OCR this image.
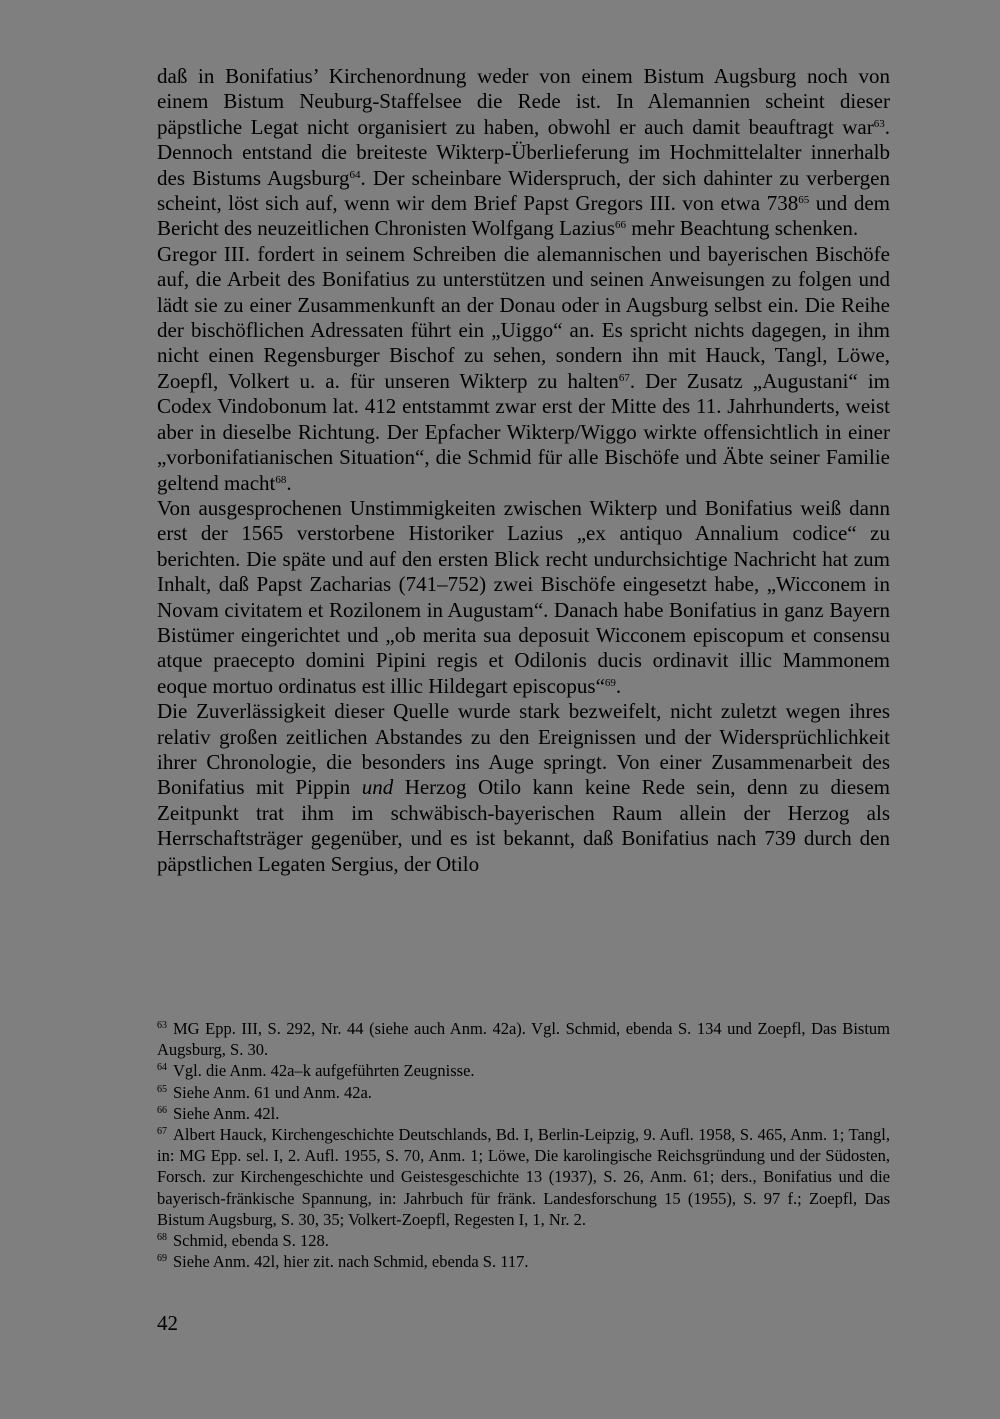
daß in Bonifatius’ Kirchenordnung weder von einem Bistum Augsburg noch von einem Bistum Neuburg-Staffelsee die Rede ist. In Alemannien scheint dieser päpstliche Legat nicht organisiert zu haben, obwohl er auch damit beauftragt war$^{63}$. Dennoch entstand die breiteste Wikterp-Überlieferung im Hochmittelalter innerhalb des Bistums Augsburg$^{64}$. Der scheinbare Widerspruch, der sich dahinter zu verbergen scheint, löst sich auf, wenn wir dem Brief Papst Gregors III. von etwa $738^{65}$ und dem Bericht des neuzeitlichen Chronisten Wolfgang Lazius$^{66}$ mehr Beachtung schenken.

Gregor III. fordert in seinem Schreiben die alemannischen und bayerischen Bischöfe auf, die Arbeit des Bonifatius zu unterstützen und seinen Anweisungen zu folgen und lädt sie zu einer Zusammenkunft an der Donau oder in Augsburg selbst ein. Die Reihe der bischöflichen Adressaten führt ein „Uiggo“ an. Es spricht nichts dagegen, in ihm nicht einen Regensburger Bischof zu sehen, sondern ihn mit Hauck, Tangl, Löwe, Zoepfl, Volkert u. a. für unseren Wikterp zu halten$^{67}$. Der Zusatz „Augustani“ im Codex Vindobonum lat. 412 entstammt zwar erst der Mitte des 11. Jahrhunderts, weist aber in dieselbe Richtung. Der Epfacher Wikterp/Wiggo wirkte offensichtlich in einer „vorbonifatianischen Situation“, die Schmid für alle Bischöfe und Äbte seiner Familie geltend macht$^{68}$.

Von ausgesprochenen Unstimmigkeiten zwischen Wikterp und Bonifatius weiß dann erst der 1565 verstorbene Historiker Lazius „ex antiquo Annalium codice“ zu berichten. Die späte und auf den ersten Blick recht undurchsichtige Nachricht hat zum Inhalt, daß Papst Zacharias (741–752) zwei Bischöfe eingesetzt habe, „Wicconem in Novam civitatem et Rozilonem in Augustam“. Danach habe Bonifatius in ganz Bayern Bistümer eingerichtet und „ob merita sua deposuit Wicconem episcopum et consensu atque praecepto domini Pipini regis et Odilonis ducis ordinavit illic Mammonem eoque mortuo ordinatus est illic Hildegart episcopus“$^{69}$.

Die Zuverlässigkeit dieser Quelle wurde stark bezweifelt, nicht zuletzt wegen ihres relativ großen zeitlichen Abstandes zu den Ereignissen und der Widersprüchlichkeit ihrer Chronologie, die besonders ins Auge springt. Von einer Zusammenarbeit des Bonifatius mit Pippin und Herzog Otilo kann keine Rede sein, denn zu diesem Zeitpunkt trat ihm im schwäbisch-bayerischen Raum allein der Herzog als Herrschaftsträger gegenüber, und es ist bekannt, daß Bonifatius nach 739 durch den päpstlichen Legaten Sergius, der Otilo

$^{63}$ MG Epp. III, S. 292, Nr. 44 (siehe auch Anm. 42a). Vgl. Schmid, ebenda S. 134 und Zoepfl, Das Bistum Augsburg, S. 30.

$^{64}$ Vgl. die Anm. 42a–k aufgeführten Zeugnisse.

$^{65}$ Siehe Anm. 61 und Anm. 42a.

$^{66}$ Siehe Anm. 42l.

$^{67}$ Albert Hauck, Kirchengeschichte Deutschlands, Bd. I, Berlin-Leipzig, 9. Aufl. 1958, S. 465, Anm. 1; Tangl, in: MG Epp. sel. I, 2. Aufl. 1955, S. 70, Anm. 1; Löwe, Die karolingische Reichsgründung und der Südosten, Forsch. zur Kirchengeschichte und Geistesgeschichte 13 (1937), S. 26, Anm. 61; ders., Bonifatius und die bayerisch-fränkische Spannung, in: Jahrbuch für fränk. Landesforschung 15 (1955), S. 97 f.; Zoepfl, Das Bistum Augsburg, S. 30, 35; Volkert-Zoepfl, Regesten I, 1, Nr. 2.

$^{68}$ Schmid, ebenda S. 128.

$^{69}$ Siehe Anm. 42l, hier zit. nach Schmid, ebenda S. 117.

42
